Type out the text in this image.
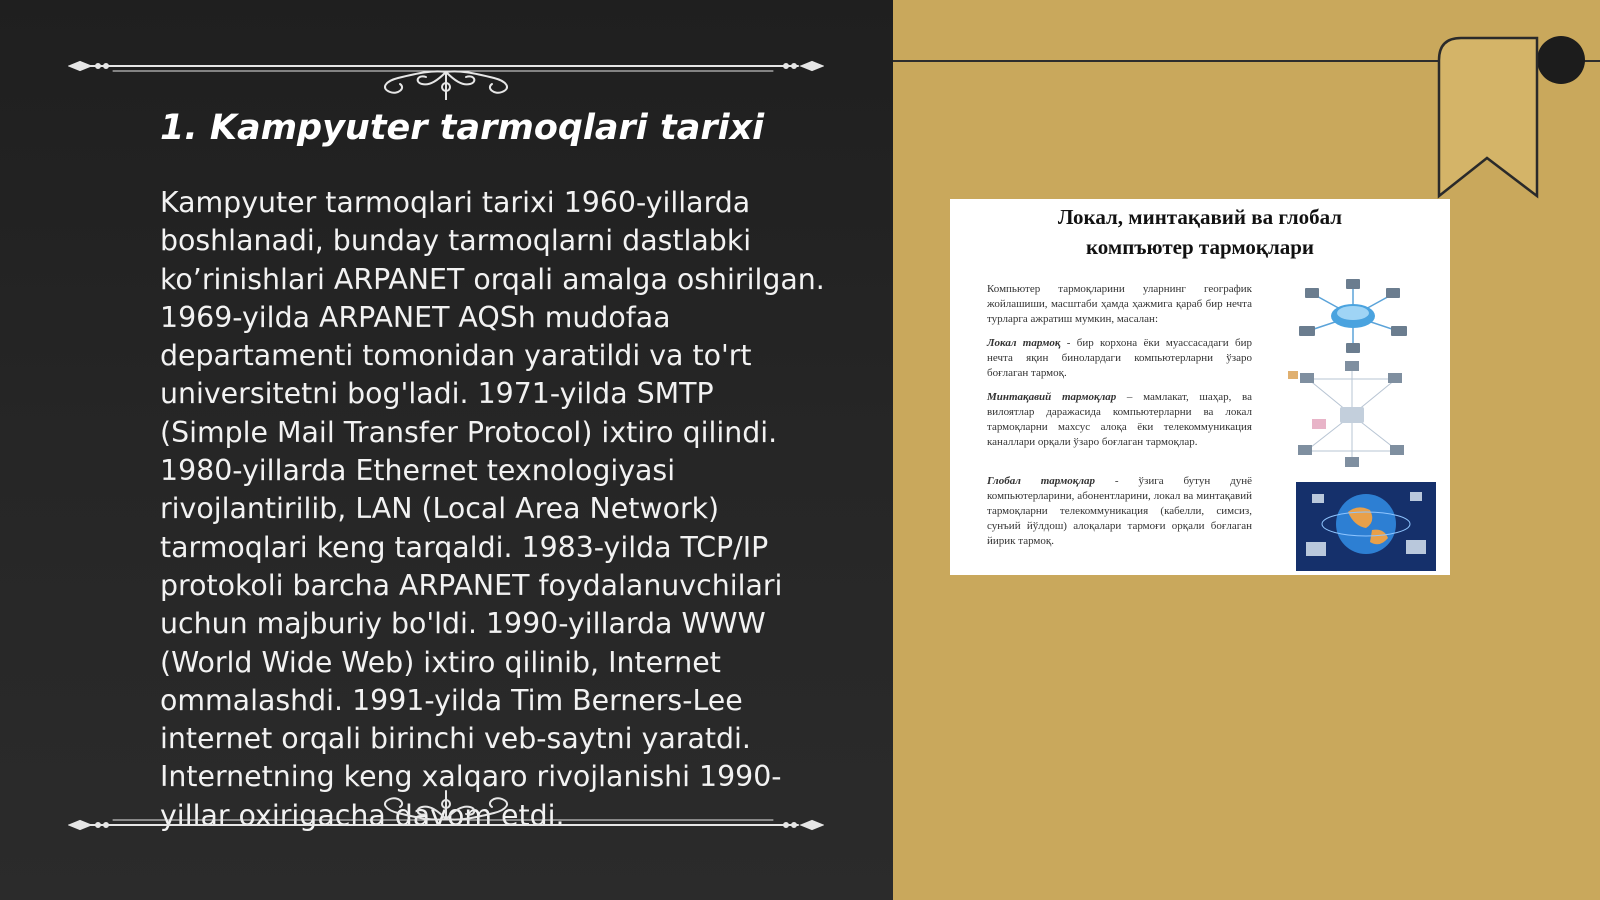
1. Kampyuter tarmoqlari tarixi

Kampyuter tarmoqlari tarixi 1960-yillarda boshlanadi, bunday tarmoqlarni dastlabki ko’rinishlari ARPANET orqali amalga oshirilgan. 1969-yilda ARPANET AQSh mudofaa departamenti tomonidan yaratildi va to'rt universitetni bog'ladi. 1971-yilda SMTP (Simple Mail Transfer Protocol) ixtiro qilindi. 1980-yillarda Ethernet texnologiyasi rivojlantirilib, LAN (Local Area Network) tarmoqlari keng tarqaldi. 1983-yilda TCP/IP protokoli barcha ARPANET foydalanuvchilari uchun majburiy bo'ldi. 1990-yillarda WWW (World Wide Web) ixtiro qilinib, Internet ommalashdi. 1991-yilda Tim Berners-Lee internet orqali birinchi veb-saytni yaratdi. Internetning keng xalqaro rivojlanishi 1990-yillar oxirigacha davom etdi.

Локал, минтақавий ва глобал
компъютер тармоқлари
Компьютер тармоқларини уларнинг географик жойлашиши, масштаби ҳамда ҳажмига қараб бир нечта турларга ажратиш мумкин, масалан:
Локал тармоқ - бир корхона ёки муассасадаги бир нечта яқин бинолардаги компьютерларни ўзаро боғлаган тармоқ.
Минтақавий тармоқлар – мамлакат, шаҳар, ва вилоятлар даражасида компьютерларни ва локал тармоқларни махсус алоқа ёки телекоммуникация каналлари орқали ўзаро боғлаган тармоқлар.
Глобал тармоқлар - ўзига бутун дунё компьютерларини, абонентларини, локал ва минтақавий тармоқларни телекоммуникация (кабелли, симсиз, сунъий йўлдош) алоқалари тармоғи орқали боғлаган йирик тармоқ.
